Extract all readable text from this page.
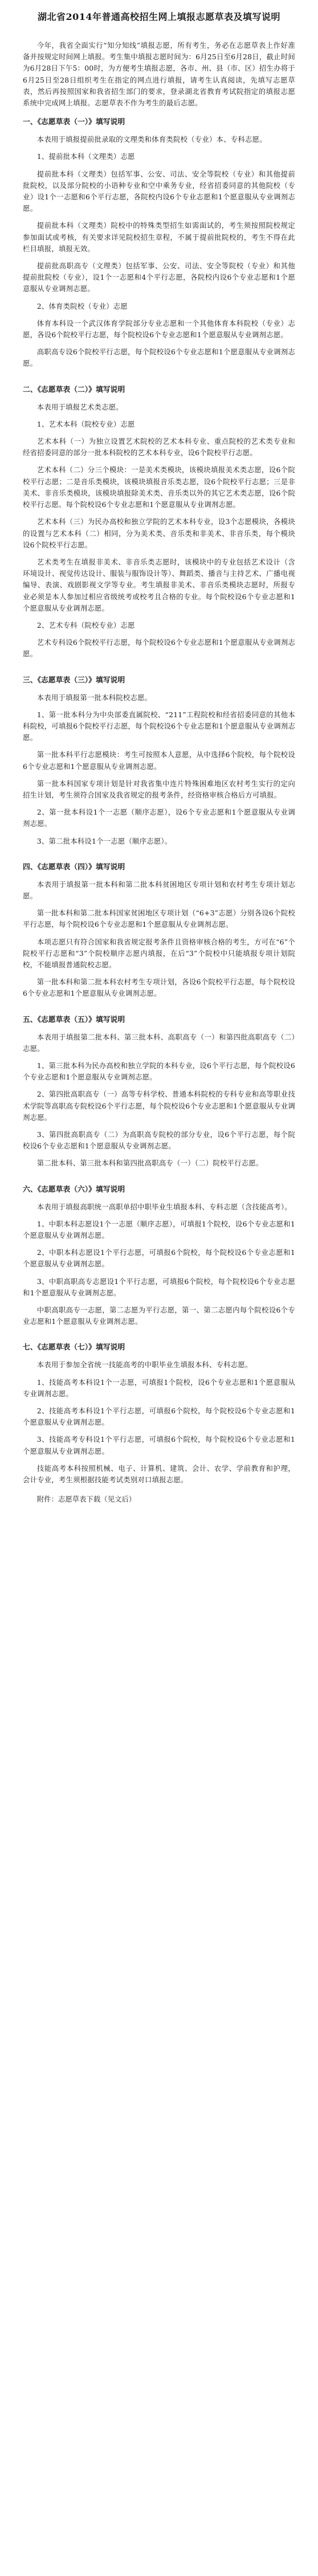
湖北省2014年普通高校招生网上填报志愿草表及填写说明

今年，我省全面实行“知分知线”填报志愿，所有考生，务必在志愿草表上作好准备并按规定时间网上填报。考生集中填报志愿时间为：6月25日至6月28日，截止时间为6月28日下午5：00时，为方便考生填报志愿，各市、州、县（市、区）招生办将于6月25日至28日组织考生在指定的网点进行填报，请考生认真阅读，先填写志愿草表，然后再按照国家和我省招生部门的要求，登录湖北省教育考试院指定的填报志愿系统中完成网上填报。志愿草表不作为考生的最后志愿。

一、《志愿草表（一）》填写说明

本表用于填报提前批录取的文理类和体育类院校（专业）本、专科志愿。

1、提前批本科（文理类）志愿

提前批本科（文理类）包括军事、公安、司法、安全等院校（专业）和其他提前批院校，以及部分院校的小语种专业和空中乘务专业，经省招委同意的其他院校（专业）设1个一志愿和6个平行志愿，各院校内设6个专业志愿和1个愿意服从专业调剂志愿。

提前批本科（文理类）院校中的特殊类型招生如需面试的，考生须按照院校规定参加面试或考核，有关要求详见院校招生章程，不属于提前批院校的，考生不得在此栏目填报，填报无效。

提前批高职高专（文理类）包括军事、公安、司法、安全等院校（专业）和其他提前批院校（专业），设1个一志愿和4个平行志愿，各院校内设6个专业志愿和1个愿意服从专业调剂志愿。

2、体育类院校（专业）志愿

体育本科设一个武汉体育学院部分专业志愿和一个其他体育本科院校（专业）志愿，各设6个院校平行志愿，每个院校设6个专业志愿和1个愿意服从专业调剂志愿。

高职高专设6个院校平行志愿，每个院校设6个专业志愿和1个愿意服从专业调剂志愿。

二、《志愿草表（二）》填写说明

本表用于填报艺术类志愿。

1、艺术本科（院校专业）志愿

艺术本科（一）为独立设置艺术院校的艺术本科专业、重点院校的艺术类专业和经省招委同意的部分一批本科院校的艺术本科专业，设6个院校平行志愿。

艺术本科（二）分三个模块：一是美术类模块，该模块填报美术类志愿，设6个院校平行志愿；二是音乐类模块，该模块填报音乐类志愿，设6个院校平行志愿；三是非美术、非音乐类模块，该模块填报除美术类、音乐类以外的其它艺术类志愿，设6个院校平行志愿。每个院校设6个专业志愿和1个愿意服从专业调剂志愿。

艺术本科（三）为民办高校和独立学院的艺术本科专业，设3个志愿模块，各模块的设置与艺术本科（二）相同，分为美术类、音乐类和非美术、非音乐类，每个模块设6个院校平行志愿。

艺术类考生在填报非美术、非音乐类志愿时，该模块中的专业包括艺术设计（含环境设计、视觉传达设计、服装与服饰设计等）、舞蹈类、播音与主持艺术、广播电视编导、表演、戏剧影视文学等专业。考生填报非美术、非音乐类模块志愿时，所报专业必须是本人参加过相应省级统考或校考且合格的专业。每个院校设6个专业志愿和1个愿意服从专业调剂志愿。

2、艺术专科（院校专业）志愿

艺术专科设6个院校平行志愿，每个院校设6个专业志愿和1个愿意服从专业调剂志愿。

三、《志愿草表（三）》填写说明

本表用于填报第一批本科院校志愿。

1、第一批本科分为中央部委直属院校、“211”工程院校和经省招委同意的其他本科院校，可填报6个院校平行志愿，每个院校设6个专业志愿和1个愿意服从专业调剂志愿。

第一批本科平行志愿模块：考生可按照本人意愿，从中选择6个院校，每个院校设6个专业志愿和1个愿意服从专业调剂志愿。

第一批本科国家专项计划是针对我省集中连片特殊困难地区农村考生实行的定向招生计划，考生须符合国家及我省规定的报考条件，经资格审核合格后方可填报。

2、第一批本科设1个一志愿（顺序志愿），设6个专业志愿和1个愿意服从专业调剂志愿。

3、第二批本科设1个一志愿（顺序志愿）。

四、《志愿草表（四）》填写说明

本表用于填报第一批本科和第二批本科贫困地区专项计划和农村考生专项计划志愿。

第一批本科和第二批本科国家贫困地区专项计划（“6+3”志愿）分别各设6个院校平行志愿，每个院校设6个专业志愿和1个愿意服从专业调剂志愿。

本项志愿只有符合国家和我省规定报考条件且资格审核合格的考生，方可在“6”个院校平行志愿和“3”个院校顺序志愿内填报，在后“3”个院校中只能填报专项计划院校，不能填报普通院校志愿。

第一批本科和第二批本科农村考生专项计划，各设6个院校平行志愿，每个院校设6个专业志愿和1个愿意服从专业调剂志愿。

五、《志愿草表（五）》填写说明

本表用于填报第二批本科、第三批本科、高职高专（一）和第四批高职高专（二）志愿。

1、第三批本科为民办高校和独立学院的本科专业，设6个平行志愿，每个院校设6个专业志愿和1个愿意服从专业调剂志愿。

2、第四批高职高专（一）高等专科学校、普通本科院校的专科专业和高等职业技术学院等高职高专院校设6个平行志愿，每个院校设6个专业志愿和1个愿意服从专业调剂志愿。

3、第四批高职高专（二）为高职高专院校的部分专业，设6个平行志愿，每个院校设6个专业志愿和1个愿意服从专业调剂志愿。

第二批本科、第三批本科和第四批高职高专（一）（二）院校平行志愿。

六、《志愿草表（六）》填写说明

本表用于填报高职统一高职单招中职毕业生填报本科、专科志愿（含技能高考）。

1、中职本科志愿设1个一志愿（顺序志愿），可填报1个院校，设6个专业志愿和1个愿意服从专业调剂志愿。

2、中职本科志愿设1个平行志愿，可填报6个院校，每个院校设6个专业志愿和1个愿意服从专业调剂志愿。

3、中职高职高专志愿设1个平行志愿，可填报6个院校，每个院校设6个专业志愿和1个愿意服从专业调剂志愿。

中职高职高专一志愿，第二志愿为平行志愿，第一、第二志愿内每个院校设6个专业志愿和1个愿意服从专业调剂志愿。

七、《志愿草表（七）》填写说明

本表用于参加全省统一技能高考的中职毕业生填报本科、专科志愿。

1、技能高考本科设1个一志愿，可填报1个院校，设6个专业志愿和1个愿意服从专业调剂志愿。

2、技能高考本科设1个平行志愿，可填报6个院校，每个院校设6个专业志愿和1个愿意服从专业调剂志愿。

3、技能高考专科设1个平行志愿，可填报6个院校，每个院校设6个专业志愿和1个愿意服从专业调剂志愿。

技能高考本科按照机械、电子、计算机、建筑、会计、农学、学前教育和护理，会计专业，考生须根据技能考试类别对口填报志愿。

附件：志愿草表下载（见文后）
